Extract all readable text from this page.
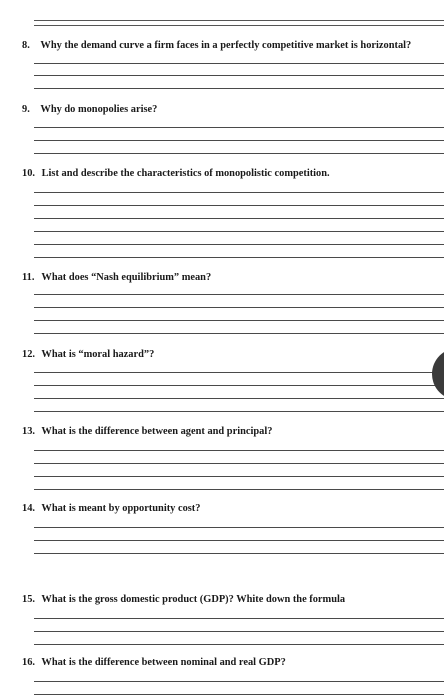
8. Why the demand curve a firm faces in a perfectly competitive market is horizontal?
9. Why do monopolies arise?
10. List and describe the characteristics of monopolistic competition.
11. What does “Nash equilibrium” mean?
12. What is “moral hazard”?
13. What is the difference between agent and principal?
14. What is meant by opportunity cost?
15. What is the gross domestic product (GDP)? White down the formula
16. What is the difference between nominal and real GDP?
